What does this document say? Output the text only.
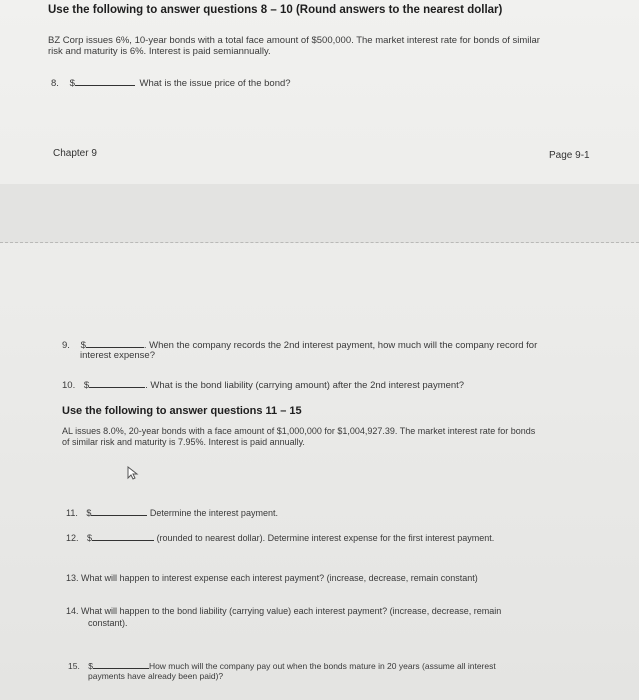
Use the following to answer questions 8 – 10 (Round answers to the nearest dollar)
BZ Corp issues 6%, 10-year bonds with a total face amount of $500,000. The market interest rate for bonds of similar
risk and maturity is 6%. Interest is paid semiannually.
8. $	What is the issue price of the bond?
Chapter 9	Page 9-1
9. $	. When the company records the 2nd interest payment, how much will the company record for
interest expense?
10. $	. What is the bond liability (carrying amount) after the 2nd interest payment?
Use the following to answer questions 11 – 15
AL issues 8.0%, 20-year bonds with a face amount of $1,000,000 for $1,004,927.39. The market interest rate for bonds
of similar risk and maturity is 7.95%. Interest is paid annually.
11. $	Determine the interest payment.
12. $	(rounded to nearest dollar). Determine interest expense for the first interest payment.
13. What will happen to interest expense each interest payment? (increase, decrease, remain constant)
14. What will happen to the bond liability (carrying value) each interest payment? (increase, decrease, remain
constant).
15. $	How much will the company pay out when the bonds mature in 20 years (assume all interest
payments have already been paid)?
